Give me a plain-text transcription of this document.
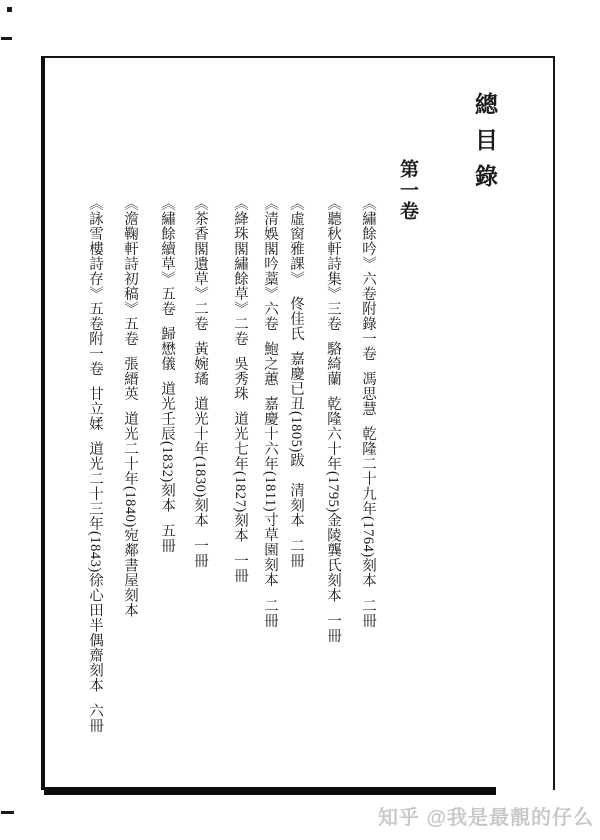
總目錄
第一卷
《繡餘吟》六卷附錄一卷馮思慧乾隆二十九年(1764)刻本二冊
《聽秋軒詩集》三卷駱綺蘭乾隆六十年(1795)金陵龔氏刻本一冊
《虛窗雅課》佟佳氏嘉慶已丑(1805)跋　清刻本二冊
《清娛閣吟藁》六卷鮑之蕙嘉慶十六年(1811)寸草園刻本二冊
《絳珠閣繡餘草》二卷吳秀珠道光七年(1827)刻本一冊
《茶香閣遺草》二卷黃婉璚道光十年(1830)刻本一冊
《繡餘續草》五卷歸懋儀道光壬辰(1832)刻本五冊
《澹鞠軒詩初稿》五卷張縉英道光二十年(1840)宛鄰書屋刻本
《詠雪樓詩存》五卷附一卷甘立媃道光二十三年(1843)徐心田半偶齋刻本六冊
知乎 @我是最靚的仔么
